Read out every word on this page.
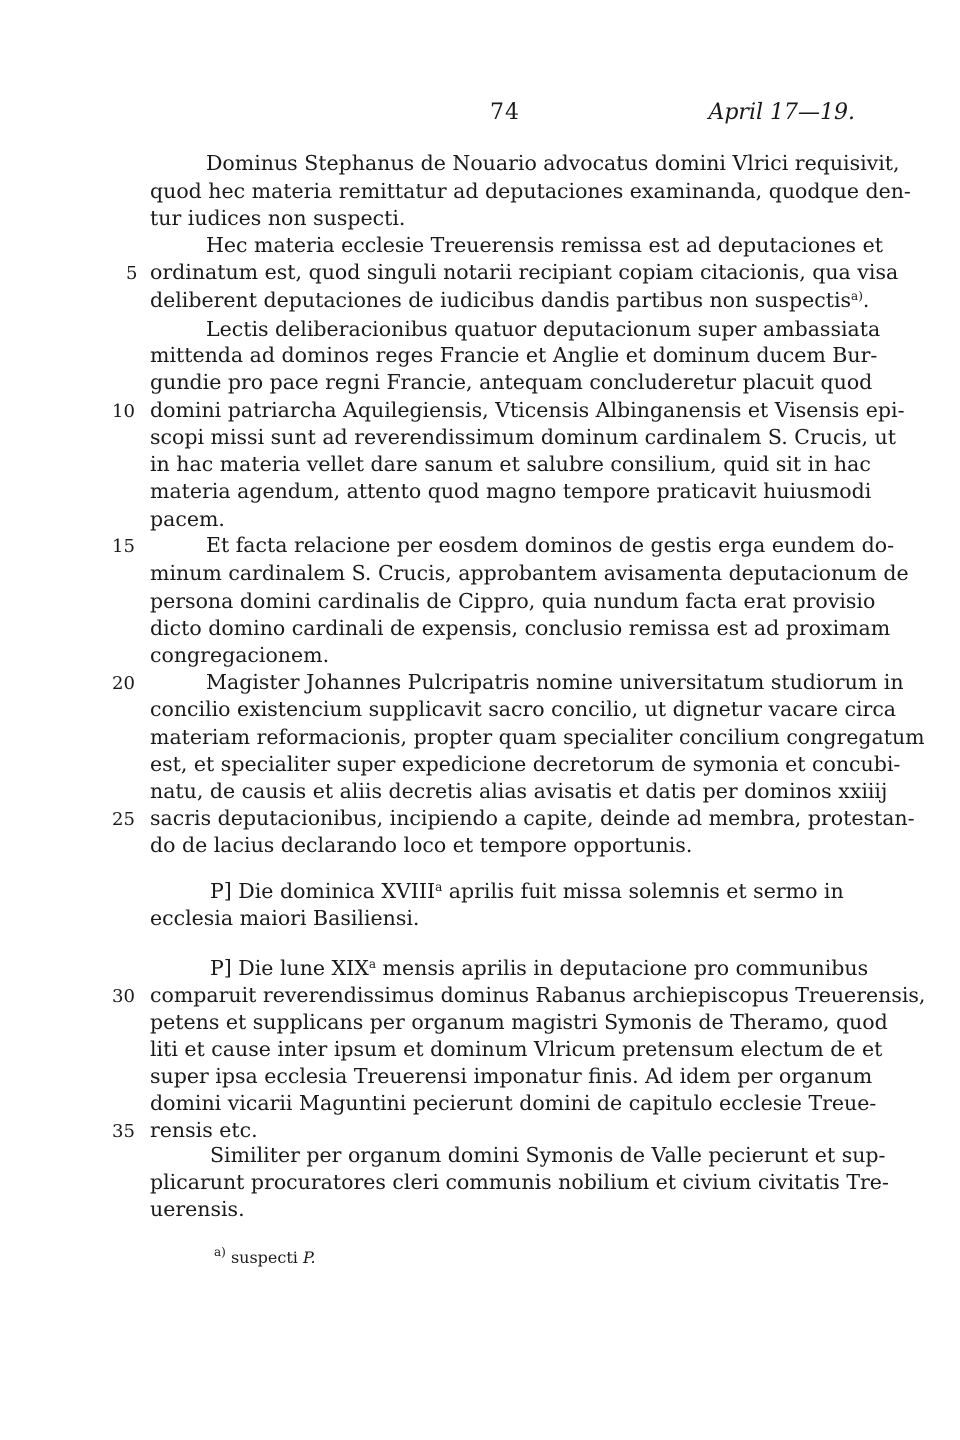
74	April 17—19.
Dominus Stephanus de Nouario advocatus domini Vlrici requisivit,
quod hec materia remittatur ad deputaciones examinanda, quodque den-
tur iudices non suspecti.
Hec materia ecclesie Treuerensis remissa est ad deputaciones et
ordinatum est, quod singuli notarii recipiant copiam citacionis, qua visa
deliberent deputaciones de iudicibus dandis partibus non suspectis$^{a)}$.
Lectis deliberacionibus quatuor deputacionum super ambassiata
mittenda ad dominos reges Francie et Anglie et dominum ducem Bur-
gundie pro pace regni Francie, antequam concluderetur placuit quod
domini patriarcha Aquilegiensis, Vticensis Albinganensis et Visensis epi-
scopi missi sunt ad reverendissimum dominum cardinalem S. Crucis, ut
in hac materia vellet dare sanum et salubre consilium, quid sit in hac
materia agendum, attento quod magno tempore praticavit huiusmodi
pacem.
Et facta relacione per eosdem dominos de gestis erga eundem do-
minum cardinalem S. Crucis, approbantem avisamenta deputacionum de
persona domini cardinalis de Cippro, quia nundum facta erat provisio
dicto domino cardinali de expensis, conclusio remissa est ad proximam
congregacionem.
Magister Johannes Pulcripatris nomine universitatum studiorum in
concilio existencium supplicavit sacro concilio, ut dignetur vacare circa
materiam reformacionis, propter quam specialiter concilium congregatum
est, et specialiter super expedicione decretorum de symonia et concubi-
natu, de causis et aliis decretis alias avisatis et datis per dominos xxiiij
sacris deputacionibus, incipiendo a capite, deinde ad membra, protestan-
do de lacius declarando loco et tempore opportunis.
P] Die dominica XVIII$^a$ aprilis fuit missa solemnis et sermo in
ecclesia maiori Basiliensi.
P] Die lune XIX$^a$ mensis aprilis in deputacione pro communibus
comparuit reverendissimus dominus Rabanus archiepiscopus Treuerensis,
petens et supplicans per organum magistri Symonis de Theramo, quod
liti et cause inter ipsum et dominum Vlricum pretensum electum de et
super ipsa ecclesia Treuerensi imponatur finis. Ad idem per organum
domini vicarii Maguntini pecierunt domini de capitulo ecclesie Treue-
rensis etc.
Similiter per organum domini Symonis de Valle pecierunt et sup-
plicarunt procuratores cleri communis nobilium et civium civitatis Tre-
uerensis.
5
10
15
20
25
30
35
$^{a)}$ suspecti P.
